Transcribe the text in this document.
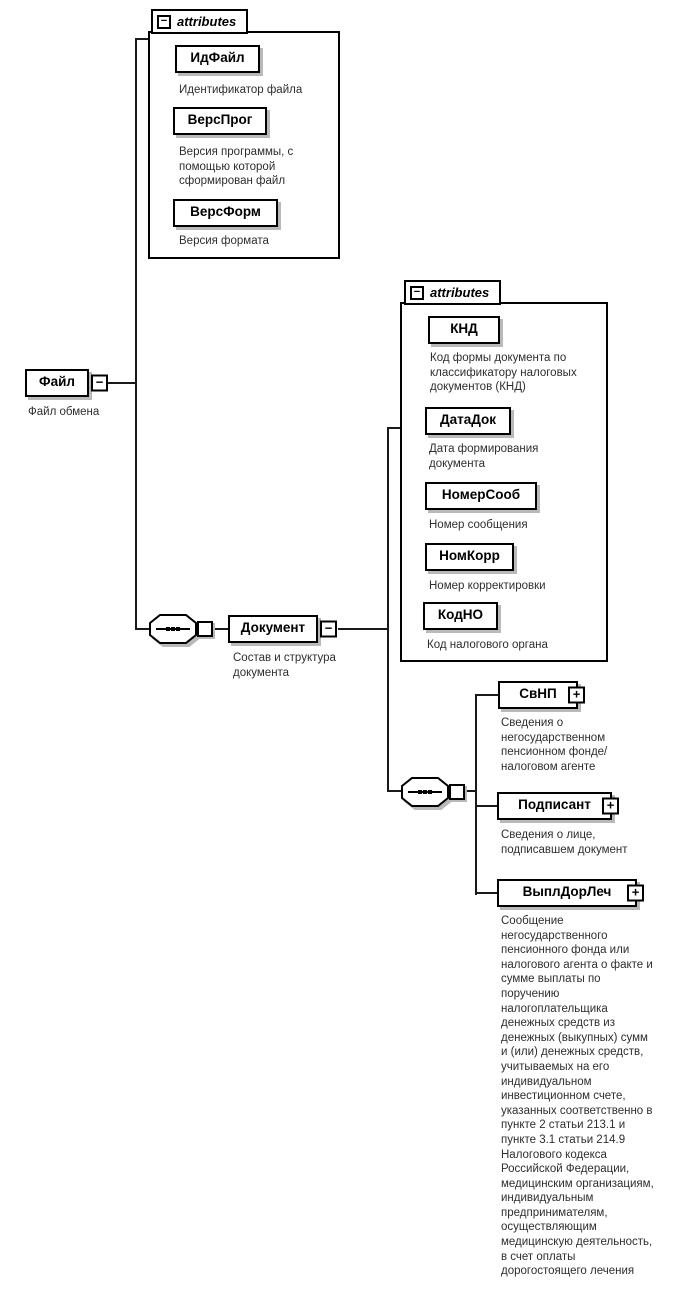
Файл	−
Файл обмена
− attributes
ИдФайл
Идентификатор файла
ВерсПрог
Версия программы, с помощью которой сформирован файл
ВерсФорм
Версия формата
Документ	−
Состав и структура документа
− attributes
КНД
Код формы документа по классификатору налоговых документов (КНД)
ДатаДок
Дата формирования документа
НомерСооб
Номер сообщения
НомКорр
Номер корректировки
КодНО
Код налогового органа
СвНП	+
Сведения о негосударственном пенсионном фонде/налоговом агенте
Подписант	+
Сведения о лице, подписавшем документ
ВыплДорЛеч	+
Сообщение негосударственного пенсионного фонда или налогового агента о факте и сумме выплаты по поручению налогоплательщика денежных средств из денежных (выкупных) сумм и (или) денежных средств, учитываемых на его индивидуальном инвестиционном счете, указанных соответственно в пункте 2 статьи 213.1 и пункте 3.1 статьи 214.9 Налогового кодекса Российской Федерации, медицинским организациям, индивидуальным предпринимателям, осуществляющим медицинскую деятельность, в счет оплаты дорогостоящего лечения
